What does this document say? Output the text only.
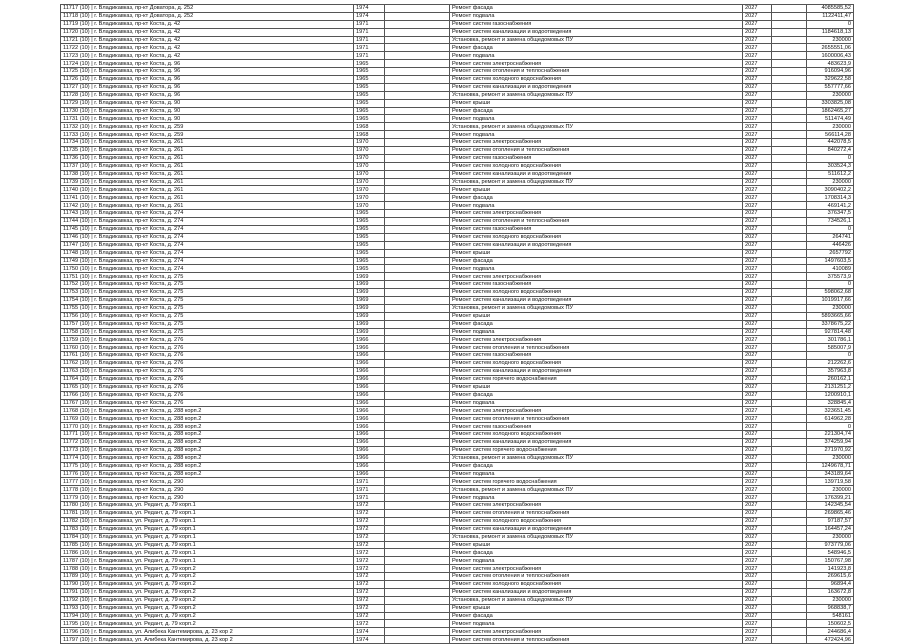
11717 (10) | г. Владикавказ, пр-кт Доватора, д. 252	1974		Ремонт фасада	2027		4085585,52
11718 (10) | г. Владикавказ, пр-кт Доватора, д. 252	1974		Ремонт подвала	2027		1122411,47
11719 (10) | г. Владикавказ, пр-кт Коста, д. 42	1971		Ремонт систем газоснабжения	2027		0
11720 (10) | г. Владикавказ, пр-кт Коста, д. 42	1971		Ремонт систем канализации и водоотведения	2027		1184618,13
11721 (10) | г. Владикавказ, пр-кт Коста, д. 42	1971		Установка, ремонт и замена общедомовых ПУ	2027		230000
11722 (10) | г. Владикавказ, пр-кт Коста, д. 42	1971		Ремонт фасада	2027		2655551,06
11723 (10) | г. Владикавказ, пр-кт Коста, д. 42	1971		Ремонт подвала	2027		1600006,43
11724 (10) | г. Владикавказ, пр-кт Коста, д. 96	1965		Ремонт систем электроснабжения	2027		483623,9
11725 (10) | г. Владикавказ, пр-кт Коста, д. 96	1965		Ремонт систем отопления и теплоснабжения	2027		916094,96
11726 (10) | г. Владикавказ, пр-кт Коста, д. 96	1965		Ремонт систем холодного водоснабжения	2027		329622,58
11727 (10) | г. Владикавказ, пр-кт Коста, д. 96	1965		Ремонт систем канализации и водоотведения	2027		557777,66
11728 (10) | г. Владикавказ, пр-кт Коста, д. 96	1965		Установка, ремонт и замена общедомовых ПУ	2027		230000
11729 (10) | г. Владикавказ, пр-кт Коста, д. 90	1965		Ремонт крыши	2027		3303825,08
11730 (10) | г. Владикавказ, пр-кт Коста, д. 90	1965		Ремонт фасада	2027		1862465,27
11731 (10) | г. Владикавказ, пр-кт Коста, д. 90	1965		Ремонт подвала	2027		511474,49
11732 (10) | г. Владикавказ, пр-кт Коста, д. 259	1968		Установка, ремонт и замена общедомовых ПУ	2027		230000
11733 (10) | г. Владикавказ, пр-кт Коста, д. 259	1968		Ремонт подвала	2027		566114,28
11734 (10) | г. Владикавказ, пр-кт Коста, д. 261	1970		Ремонт систем электроснабжения	2027		442078,5
11735 (10) | г. Владикавказ, пр-кт Коста, д. 261	1970		Ремонт систем отопления и теплоснабжения	2027		840272,4
11736 (10) | г. Владикавказ, пр-кт Коста, д. 261	1970		Ремонт систем газоснабжения	2027		0
11737 (10) | г. Владикавказ, пр-кт Коста, д. 261	1970		Ремонт систем холодного водоснабжения	2027		303524,3
11738 (10) | г. Владикавказ, пр-кт Коста, д. 261	1970		Ремонт систем канализации и водоотведения	2027		511612,2
11739 (10) | г. Владикавказ, пр-кт Коста, д. 261	1970		Установка, ремонт и замена общедомовых ПУ	2027		230000
11740 (10) | г. Владикавказ, пр-кт Коста, д. 261	1970		Ремонт крыши	2027		3090402,2
11741 (10) | г. Владикавказ, пр-кт Коста, д. 261	1970		Ремонт фасада	2027		1708314,3
11742 (10) | г. Владикавказ, пр-кт Коста, д. 261	1970		Ремонт подвала	2027		469141,2
11743 (10) | г. Владикавказ, пр-кт Коста, д. 274	1965		Ремонт систем электроснабжения	2027		376347,5
11744 (10) | г. Владикавказ, пр-кт Коста, д. 274	1965		Ремонт систем отопления и теплоснабжения	2027		734526,1
11745 (10) | г. Владикавказ, пр-кт Коста, д. 274	1965		Ремонт систем газоснабжения	2027		0
11746 (10) | г. Владикавказ, пр-кт Коста, д. 274	1965		Ремонт систем холодного водоснабжения	2027		264741
11747 (10) | г. Владикавказ, пр-кт Коста, д. 274	1965		Ремонт систем канализации и водоотведения	2027		446426
11748 (10) | г. Владикавказ, пр-кт Коста, д. 274	1965		Ремонт крыши	2027		2657792
11749 (10) | г. Владикавказ, пр-кт Коста, д. 274	1965		Ремонт фасада	2027		1497603,5
11750 (10) | г. Владикавказ, пр-кт Коста, д. 274	1965		Ремонт подвала	2027		410089
11751 (10) | г. Владикавказ, пр-кт Коста, д. 275	1969		Ремонт систем электроснабжения	2027		375573,9
11752 (10) | г. Владикавказ, пр-кт Коста, д. 275	1969		Ремонт систем газоснабжения	2027		0
11753 (10) | г. Владикавказ, пр-кт Коста, д. 275	1969		Ремонт систем холодного водоснабжения	2027		598062,68
11754 (10) | г. Владикавказ, пр-кт Коста, д. 275	1969		Ремонт систем канализации и водоотведения	2027		1019917,66
11755 (10) | г. Владикавказ, пр-кт Коста, д. 275	1969		Установка, ремонт и замена общедомовых ПУ	2027		230000
11756 (10) | г. Владикавказ, пр-кт Коста, д. 275	1969		Ремонт крыши	2027		5893665,66
11757 (10) | г. Владикавказ, пр-кт Коста, д. 275	1969		Ремонт фасада	2027		3378675,22
11758 (10) | г. Владикавказ, пр-кт Коста, д. 275	1969		Ремонт подвала	2027		927814,48
11759 (10) | г. Владикавказ, пр-кт Коста, д. 276	1966		Ремонт систем электроснабжения	2027		301786,1
11760 (10) | г. Владикавказ, пр-кт Коста, д. 276	1966		Ремонт систем отопления и теплоснабжения	2027		585007,9
11761 (10) | г. Владикавказ, пр-кт Коста, д. 276	1966		Ремонт систем газоснабжения	2027		0
11762 (10) | г. Владикавказ, пр-кт Коста, д. 276	1966		Ремонт систем холодного водоснабжения	2027		212262,6
11763 (10) | г. Владикавказ, пр-кт Коста, д. 276	1966		Ремонт систем канализации и водоотведения	2027		357963,8
11764 (10) | г. Владикавказ, пр-кт Коста, д. 276	1966		Ремонт систем горячего водоснабжения	2027		260162,1
11765 (10) | г. Владикавказ, пр-кт Коста, д. 276	1966		Ремонт крыши	2027		2131251,2
11766 (10) | г. Владикавказ, пр-кт Коста, д. 276	1966		Ремонт фасада	2027		1200910,1
11767 (10) | г. Владикавказ, пр-кт Коста, д. 276	1966		Ремонт подвала	2027		328845,4
11768 (10) | г. Владикавказ, пр-кт Коста, д. 288 корп.2	1966		Ремонт систем электроснабжения	2027		323651,45
11769 (10) | г. Владикавказ, пр-кт Коста, д. 288 корп.2	1966		Ремонт систем отопления и теплоснабжения	2027		614962,28
11770 (10) | г. Владикавказ, пр-кт Коста, д. 288 корп.2	1966		Ремонт систем газоснабжения	2027		0
11771 (10) | г. Владикавказ, пр-кт Коста, д. 288 корп.2	1966		Ремонт систем холодного водоснабжения	2027		221304,74
11772 (10) | г. Владикавказ, пр-кт Коста, д. 288 корп.2	1966		Ремонт систем канализации и водоотведения	2027		374259,94
11773 (10) | г. Владикавказ, пр-кт Коста, д. 288 корп.2	1966		Ремонт систем горячего водоснабжения	2027		271970,92
11774 (10) | г. Владикавказ, пр-кт Коста, д. 288 корп.2	1966		Установка, ремонт и замена общедомовых ПУ	2027		230000
11775 (10) | г. Владикавказ, пр-кт Коста, д. 288 корп.2	1966		Ремонт фасада	2027		1249678,71
11776 (10) | г. Владикавказ, пр-кт Коста, д. 288 корп.2	1966		Ремонт подвала	2027		343189,64
11777 (10) | г. Владикавказ, пр-кт Коста, д. 290	1971		Ремонт систем горячего водоснабжения	2027		139719,58
11778 (10) | г. Владикавказ, пр-кт Коста, д. 290	1971		Установка, ремонт и замена общедомовых ПУ	2027		230000
11779 (10) | г. Владикавказ, пр-кт Коста, д. 290	1971		Ремонт подвала	2027		176399,21
11780 (10) | г. Владикавказ, ул. Редант, д. 79 корп.1	1972		Ремонт систем электроснабжения	2027		142345,54
11781 (10) | г. Владикавказ, ул. Редант, д. 79 корп.1	1972		Ремонт систем отопления и теплоснабжения	2027		269865,46
11782 (10) | г. Владикавказ, ул. Редант, д. 79 корп.1	1972		Ремонт систем холодного водоснабжения	2027		97187,57
11783 (10) | г. Владикавказ, ул. Редант, д. 79 корп.1	1972		Ремонт систем канализации и водоотведения	2027		164457,24
11784 (10) | г. Владикавказ, ул. Редант, д. 79 корп.1	1972		Установка, ремонт и замена общедомовых ПУ	2027		230000
11785 (10) | г. Владикавказ, ул. Редант, д. 79 корп.1	1972		Ремонт крыши	2027		973779,06
11786 (10) | г. Владикавказ, ул. Редант, д. 79 корп.1	1972		Ремонт фасада	2027		548946,5
11787 (10) | г. Владикавказ, ул. Редант, д. 79 корп.1	1972		Ремонт подвала	2027		150767,98
11788 (10) | г. Владикавказ, ул. Редант, д. 79 корп.2	1972		Ремонт систем электроснабжения	2027		141923,8
11789 (10) | г. Владикавказ, ул. Редант, д. 79 корп.2	1972		Ремонт систем отопления и теплоснабжения	2027		269615,6
11790 (10) | г. Владикавказ, ул. Редант, д. 79 корп.2	1972		Ремонт систем холодного водоснабжения	2027		96894,4
11791 (10) | г. Владикавказ, ул. Редант, д. 79 корп.2	1972		Ремонт систем канализации и водоотведения	2027		163672,8
11792 (10) | г. Владикавказ, ул. Редант, д. 79 корп.2	1972		Установка, ремонт и замена общедомовых ПУ	2027		230000
11793 (10) | г. Владикавказ, ул. Редант, д. 79 корп.2	1972		Ремонт крыши	2027		968838,7
11794 (10) | г. Владикавказ, ул. Редант, д. 79 корп.2	1972		Ремонт фасада	2027		548161
11795 (10) | г. Владикавказ, ул. Редант, д. 79 корп.2	1972		Ремонт подвала	2027		150602,5
11796 (10) | г. Владикавказ, ул. Алибека Кантемирова, д. 23 кор 2	1974		Ремонт систем электроснабжения	2027		244686,4
11797 (10) | г. Владикавказ, ул. Алибека Кантемирова, д. 23 кор 2	1974		Ремонт систем отопления и теплоснабжения	2027		472424,96
